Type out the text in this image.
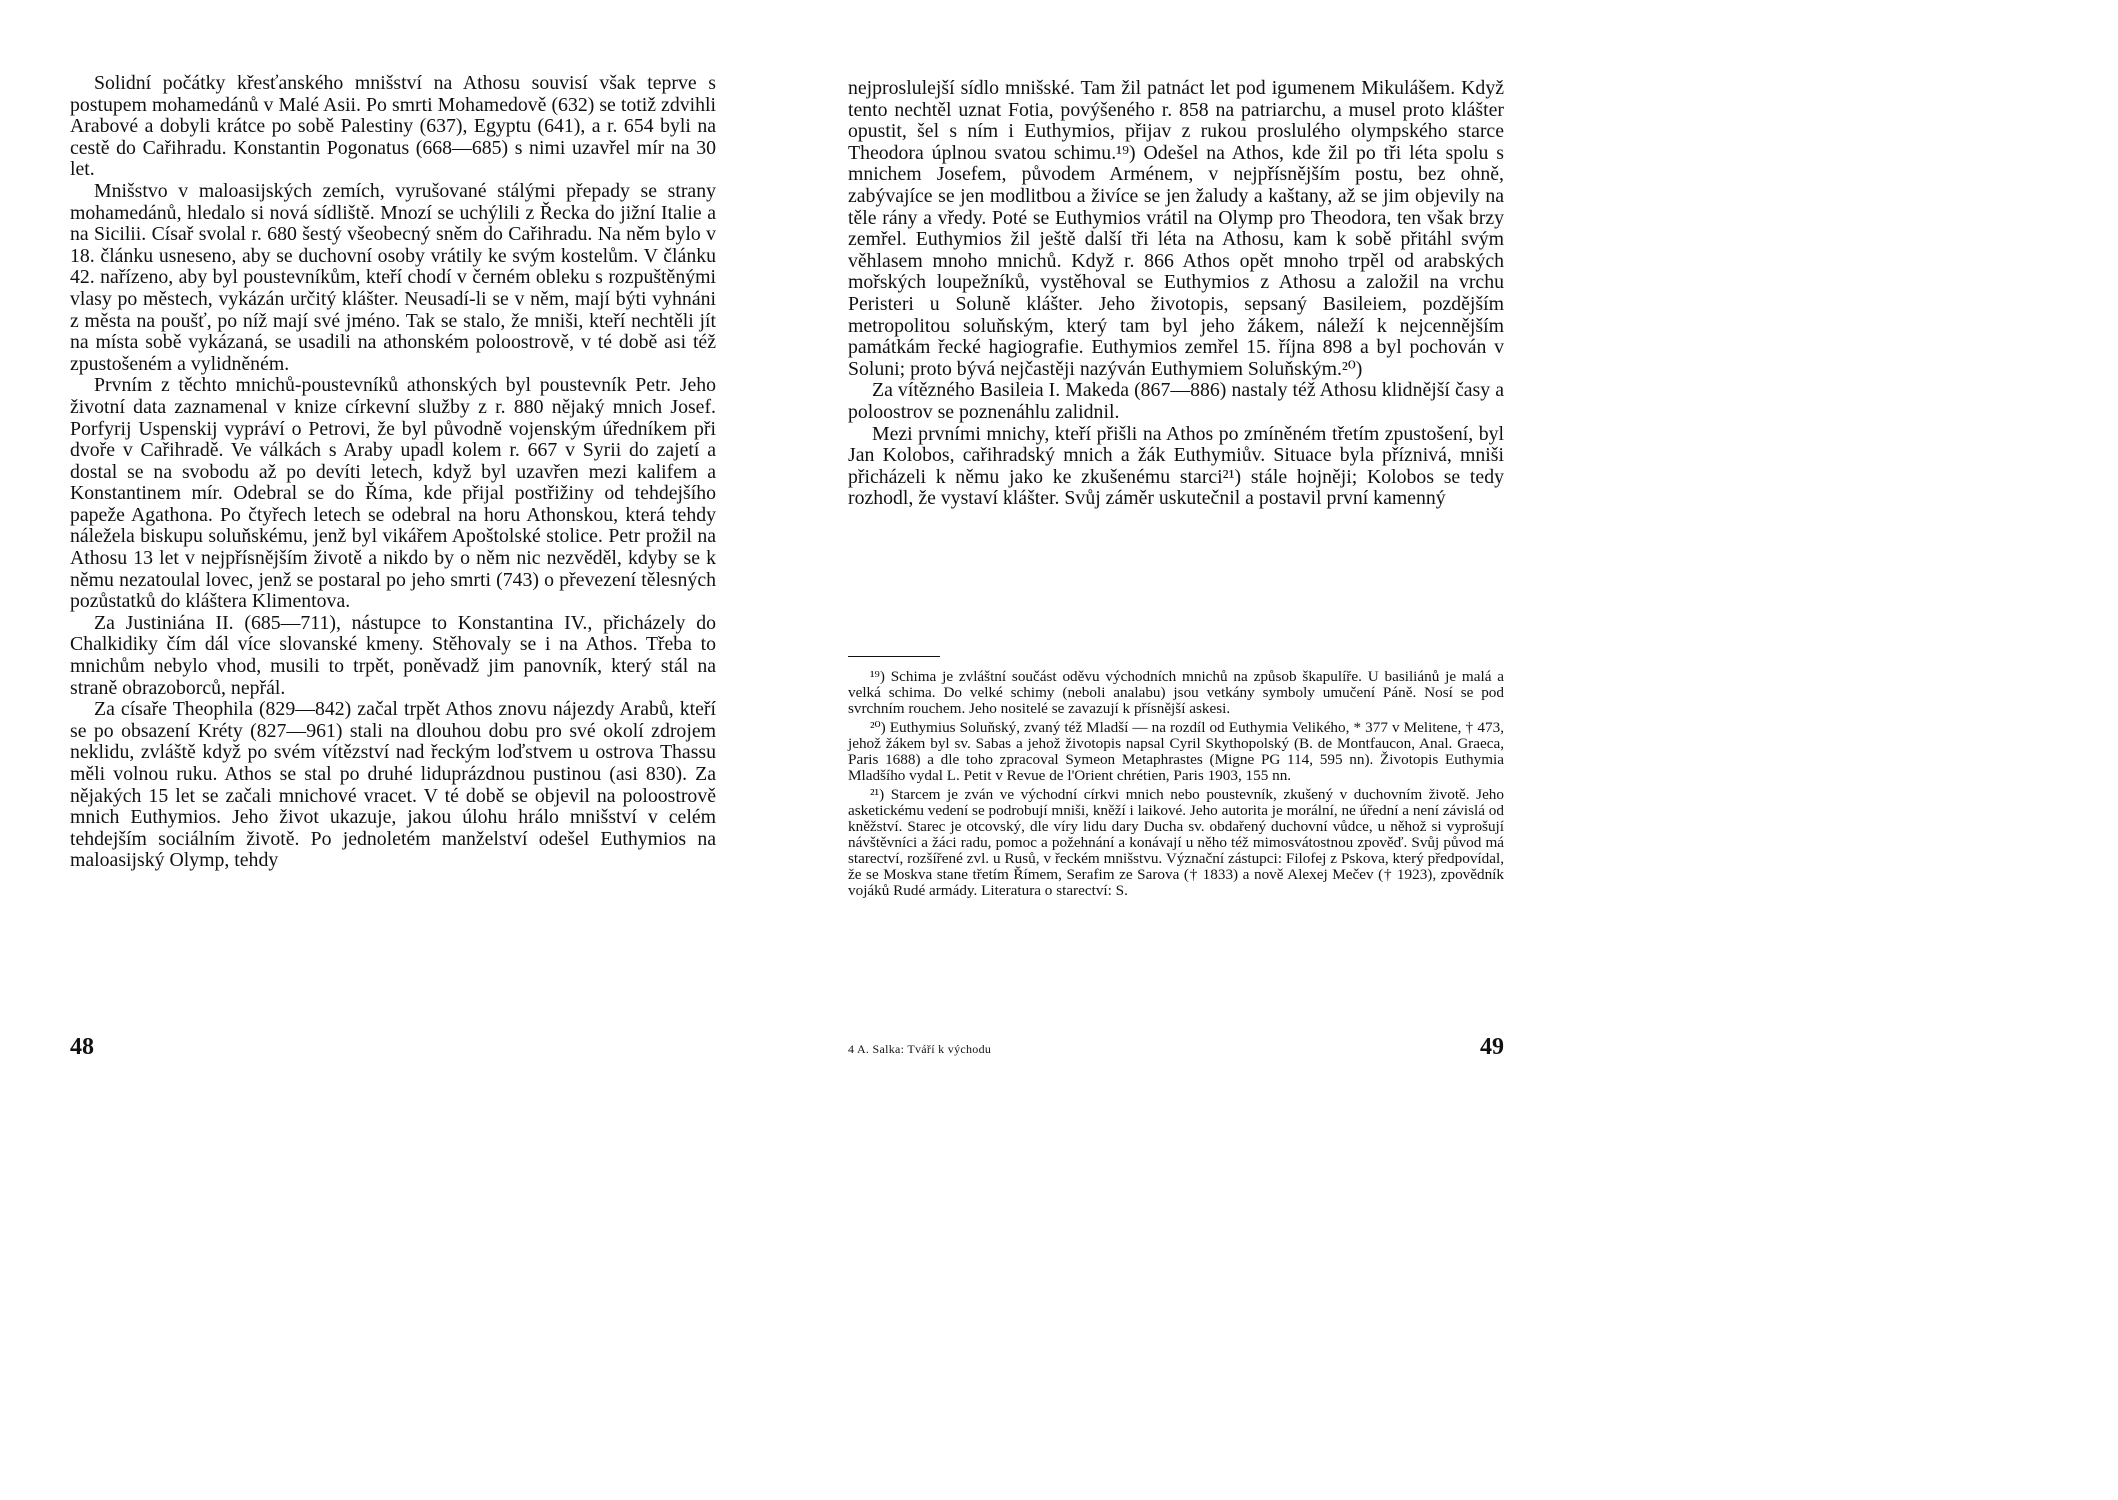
Solidní počátky křesťanského mnišství na Athosu souvisí však teprve s postupem mohamedánů v Malé Asii. Po smrti Mohamedově (632) se totiž zdvihli Arabové a dobyli krátce po sobě Palestiny (637), Egyptu (641), a r. 654 byli na cestě do Cařihradu. Konstantin Pogonatus (668—685) s nimi uzavřel mír na 30 let.

Mnišstvo v maloasijských zemích, vyrušované stálými přepady se strany mohamedánů, hledalo si nová sídliště. Mnozí se uchýlili z Řecka do jižní Italie a na Sicilii. Císař svolal r. 680 šestý všeobecný sněm do Cařihradu. Na něm bylo v 18. článku usneseno, aby se duchovní osoby vrátily ke svým kostelům. V článku 42. nařízeno, aby byl poustevníkům, kteří chodí v černém obleku s rozpuštěnými vlasy po městech, vykázán určitý klášter. Neusadí-li se v něm, mají býti vyhnáni z města na poušť, po níž mají své jméno. Tak se stalo, že mniši, kteří nechtěli jít na místa sobě vykázaná, se usadili na athonském poloostrově, v té době asi též zpustošeném a vylidněném.

Prvním z těchto mnichů-poustevníků athonských byl poustevník Petr. Jeho životní data zaznamenal v knize církevní služby z r. 880 nějaký mnich Josef. Porfyrij Uspenskij vypráví o Petrovi, že byl původně vojenským úředníkem při dvoře v Cařihradě. Ve válkách s Araby upadl kolem r. 667 v Syrii do zajetí a dostal se na svobodu až po devíti letech, když byl uzavřen mezi kalifem a Konstantinem mír. Odebral se do Říma, kde přijal postřižiny od tehdejšího papeže Agathona. Po čtyřech letech se odebral na horu Athonskou, která tehdy náležela biskupu soluňskému, jenž byl vikářem Apoštolské stolice. Petr prožil na Athosu 13 let v nejpřísnějším životě a nikdo by o něm nic nezvěděl, kdyby se k němu nezatoulal lovec, jenž se postaral po jeho smrti (743) o převezení tělesných pozůstatků do kláštera Klimentova.

Za Justiniána II. (685—711), nástupce to Konstantina IV., přicházely do Chalkidiky čím dál více slovanské kmeny. Stěhovaly se i na Athos. Třeba to mnichům nebylo vhod, musili to trpět, poněvadž jim panovník, který stál na straně obrazoborců, nepřál.

Za císaře Theophila (829—842) začal trpět Athos znovu nájezdy Arabů, kteří se po obsazení Kréty (827—961) stali na dlouhou dobu pro své okolí zdrojem neklidu, zvláště když po svém vítězství nad řeckým loďstvem u ostrova Thassu měli volnou ruku. Athos se stal po druhé liduprázdnou pustinou (asi 830). Za nějakých 15 let se začali mnichové vracet. V té době se objevil na poloostrově mnich Euthymios. Jeho život ukazuje, jakou úlohu hrálo mnišství v celém tehdejším sociálním životě. Po jednoletém manželství odešel Euthymios na maloasijský Olymp, tehdy

48

nejproslulejší sídlo mnišské. Tam žil patnáct let pod igumenem Mikulášem. Když tento nechtěl uznat Fotia, povýšeného r. 858 na patriarchu, a musel proto klášter opustit, šel s ním i Euthymios, přijav z rukou proslulého olympského starce Theodora úplnou svatou schimu.¹⁹) Odešel na Athos, kde žil po tři léta spolu s mnichem Josefem, původem Arménem, v nejpřísnějším postu, bez ohně, zabývajíce se jen modlitbou a živíce se jen žaludy a kaštany, až se jim objevily na těle rány a vředy. Poté se Euthymios vrátil na Olymp pro Theodora, ten však brzy zemřel. Euthymios žil ještě další tři léta na Athosu, kam k sobě přitáhl svým věhlasem mnoho mnichů. Když r. 866 Athos opět mnoho trpěl od arabských mořských loupežníků, vystěhoval se Euthymios z Athosu a založil na vrchu Peristeri u Soluně klášter. Jeho životopis, sepsaný Basileiem, pozdějším metropolitou soluňským, který tam byl jeho žákem, náleží k nejcennějším památkám řecké hagiografie. Euthymios zemřel 15. října 898 a byl pochován v Soluni; proto bývá nejčastěji nazýván Euthymiem Soluňským.²⁰)

Za vítězného Basileia I. Makeda (867—886) nastaly též Athosu klidnější časy a poloostrov se poznenáhlu zalidnil.

Mezi prvními mnichy, kteří přišli na Athos po zmíněném třetím zpustošení, byl Jan Kolobos, cařihradský mnich a žák Euthymiův. Situace byla příznivá, mniši přicházeli k němu jako ke zkušenému starci²¹) stále hojněji; Kolobos se tedy rozhodl, že vystaví klášter. Svůj záměr uskutečnil a postavil první kamenný

¹⁹) Schima je zvláštní součást oděvu východních mnichů na způsob škapulíře. U basiliánů je malá a velká schima. Do velké schimy (neboli analabu) jsou vetkány symboly umučení Páně. Nosí se pod svrchním rouchem. Jeho nositelé se zavazují k přísnější askesi.

²⁰) Euthymius Soluňský, zvaný též Mladší — na rozdíl od Euthymia Velikého, * 377 v Melitene, † 473, jehož žákem byl sv. Sabas a jehož životopis napsal Cyril Skythopolský (B. de Montfaucon, Anal. Graeca, Paris 1688) a dle toho zpracoval Symeon Metaphrastes (Migne PG 114, 595 nn). Životopis Euthymia Mladšího vydal L. Petit v Revue de l'Orient chrétien, Paris 1903, 155 nn.

²¹) Starcem je zván ve východní církvi mnich nebo poustevník, zkušený v duchovním životě. Jeho asketickému vedení se podrobují mniši, kněží i laikové. Jeho autorita je morální, ne úřední a není závislá od kněžství. Starec je otcovský, dle víry lidu dary Ducha sv. obdařený duchovní vůdce, u něhož si vyprošují návštěvníci a žáci radu, pomoc a požehnání a konávají u něho též mimosvátostnou zpověď. Svůj původ má starectví, rozšířené zvl. u Rusů, v řeckém mnišstvu. Význační zástupci: Filofej z Pskova, který předpovídal, že se Moskva stane třetím Římem, Serafim ze Sarova († 1833) a nově Alexej Mečev († 1923), zpovědník vojáků Rudé armády. Literatura o starectví: S.

4 A. Salka: Tváří k východu	49
